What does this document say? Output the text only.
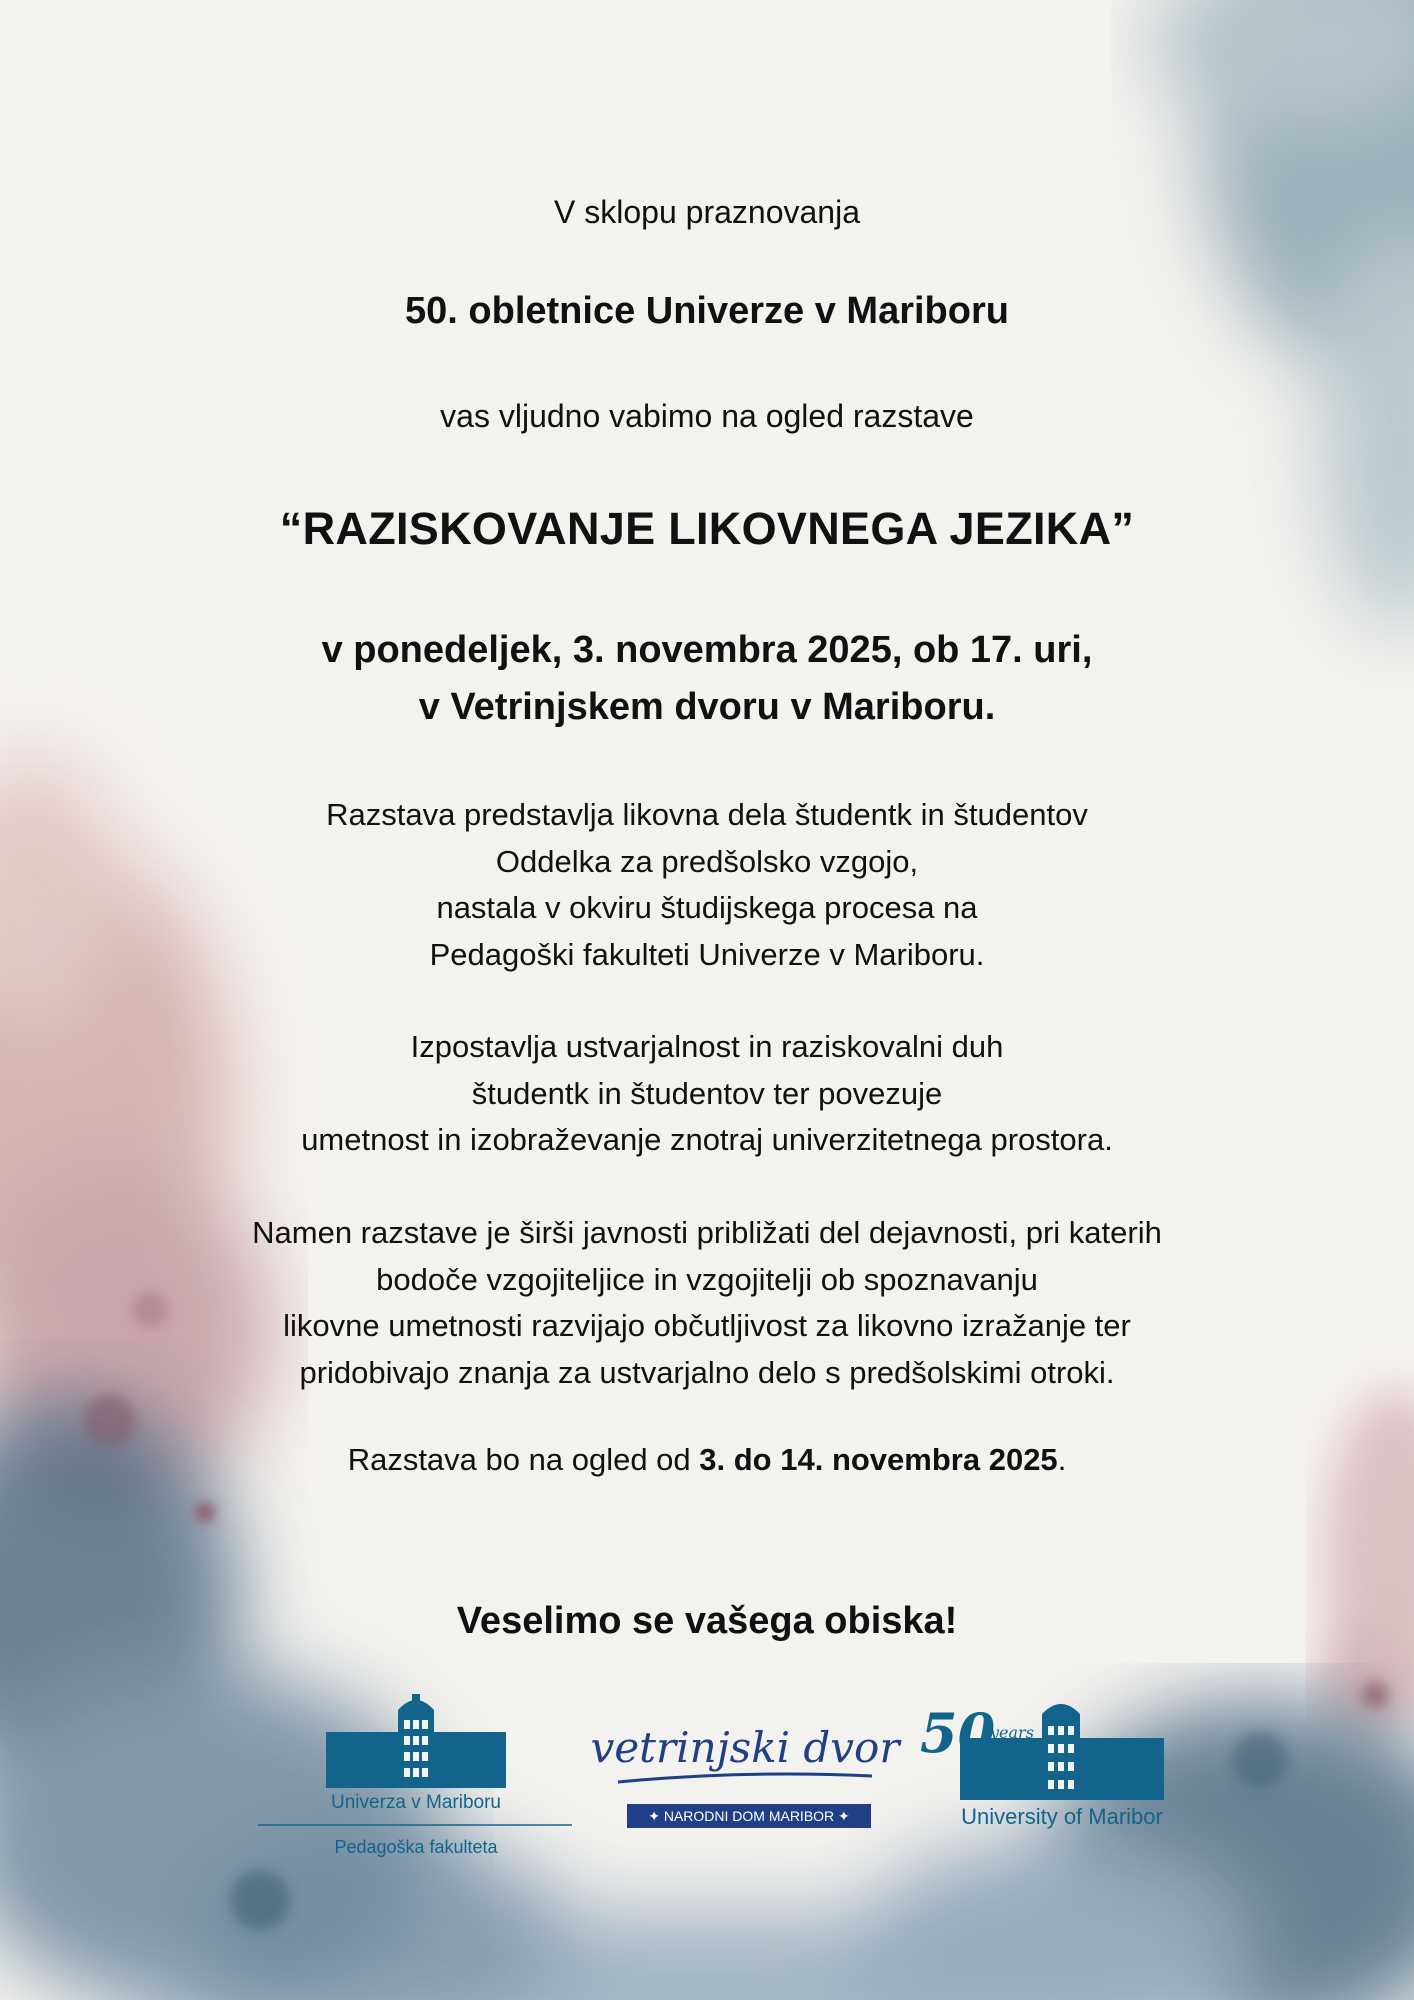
V sklopu praznovanja

50. obletnice Univerze v Mariboru

vas vljudno vabimo na ogled razstave

“RAZISKOVANJE LIKOVNEGA JEZIKA”
v ponedeljek, 3. novembra 2025, ob 17. uri,
v Vetrinjskem dvoru v Mariboru.
Razstava predstavlja likovna dela študentk in študentov
Oddelka za predšolsko vzgojo,
nastala v okviru študijskega procesa na
Pedagoški fakulteti Univerze v Mariboru.
Izpostavlja ustvarjalnost in raziskovalni duh
študentk in študentov ter povezuje
umetnost in izobraževanje znotraj univerzitetnega prostora.
Namen razstave je širši javnosti približati del dejavnosti, pri katerih
bodoče vzgojiteljice in vzgojitelji ob spoznavanju
likovne umetnosti razvijajo občutljivost za likovno izražanje ter
pridobivajo znanja za ustvarjalno delo s predšolskimi otroki.

Razstava bo na ogled od 3. do 14. novembra 2025.

Veselimo se vašega obiska!

Univerza v Mariboru
Pedagoška fakulteta
vetrinjski dvor
✦ NARODNI DOM MARIBOR ✦
50
years
University of Maribor
